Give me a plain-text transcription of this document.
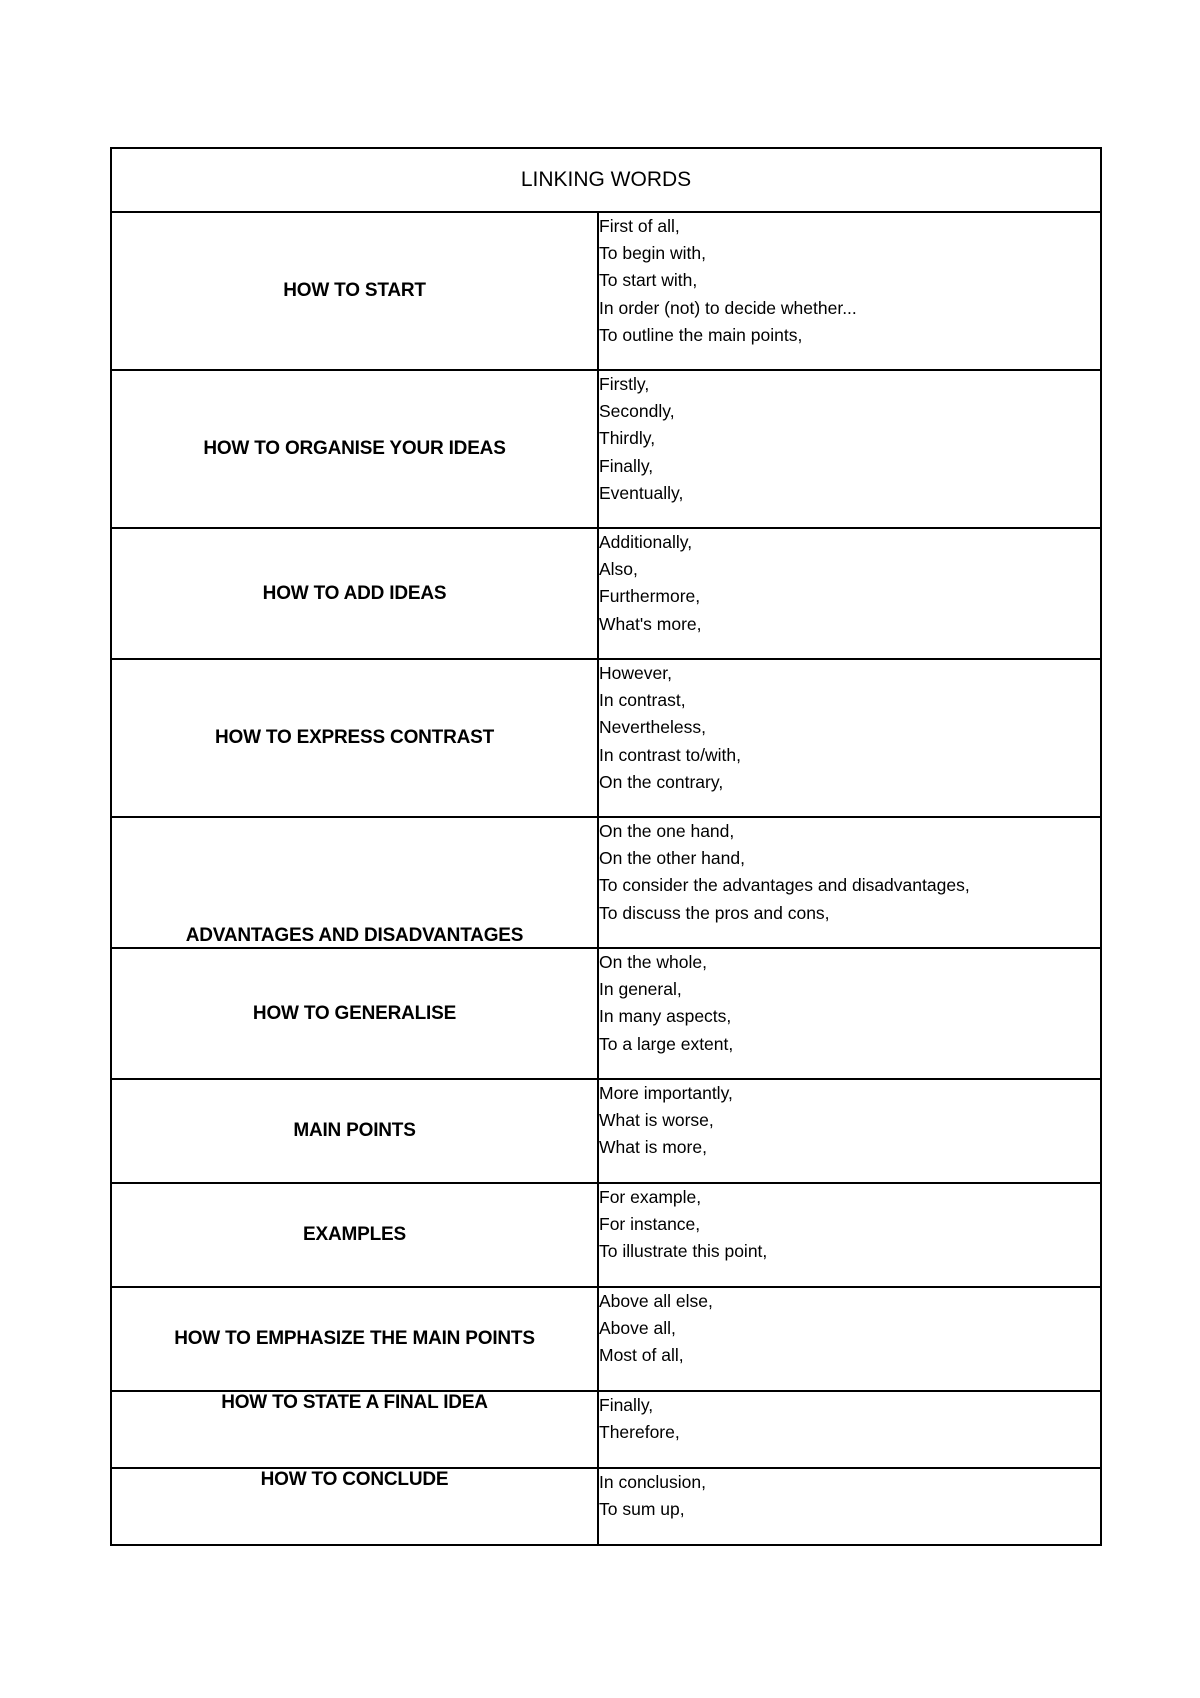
LINKING WORDS	
HOW TO START	First of all,
To begin with,
To start with,
In order (not) to decide whether...
To outline the main points,

HOW TO ORGANISE YOUR IDEAS	Firstly,
Secondly,
Thirdly,
Finally,
Eventually,

HOW TO ADD IDEAS	Additionally,
Also,
Furthermore,
What's more,

HOW TO EXPRESS CONTRAST	However,
In contrast,
Nevertheless,
In contrast to/with,
On the contrary,

ADVANTAGES AND DISADVANTAGES	On the one hand,
On the other hand,
To consider the advantages and disadvantages,
To discuss the pros and cons,

HOW TO GENERALISE	On the whole,
In general,
In many aspects,
To a large extent,

MAIN POINTS	More importantly,
What is worse,
What is more,

EXAMPLES	For example,
For instance,
To illustrate this point,

HOW TO EMPHASIZE THE MAIN POINTS	Above all else,
Above all,
Most of all,

HOW TO STATE A FINAL IDEA	Finally,
Therefore,

HOW TO CONCLUDE	In conclusion,
To sum up,
